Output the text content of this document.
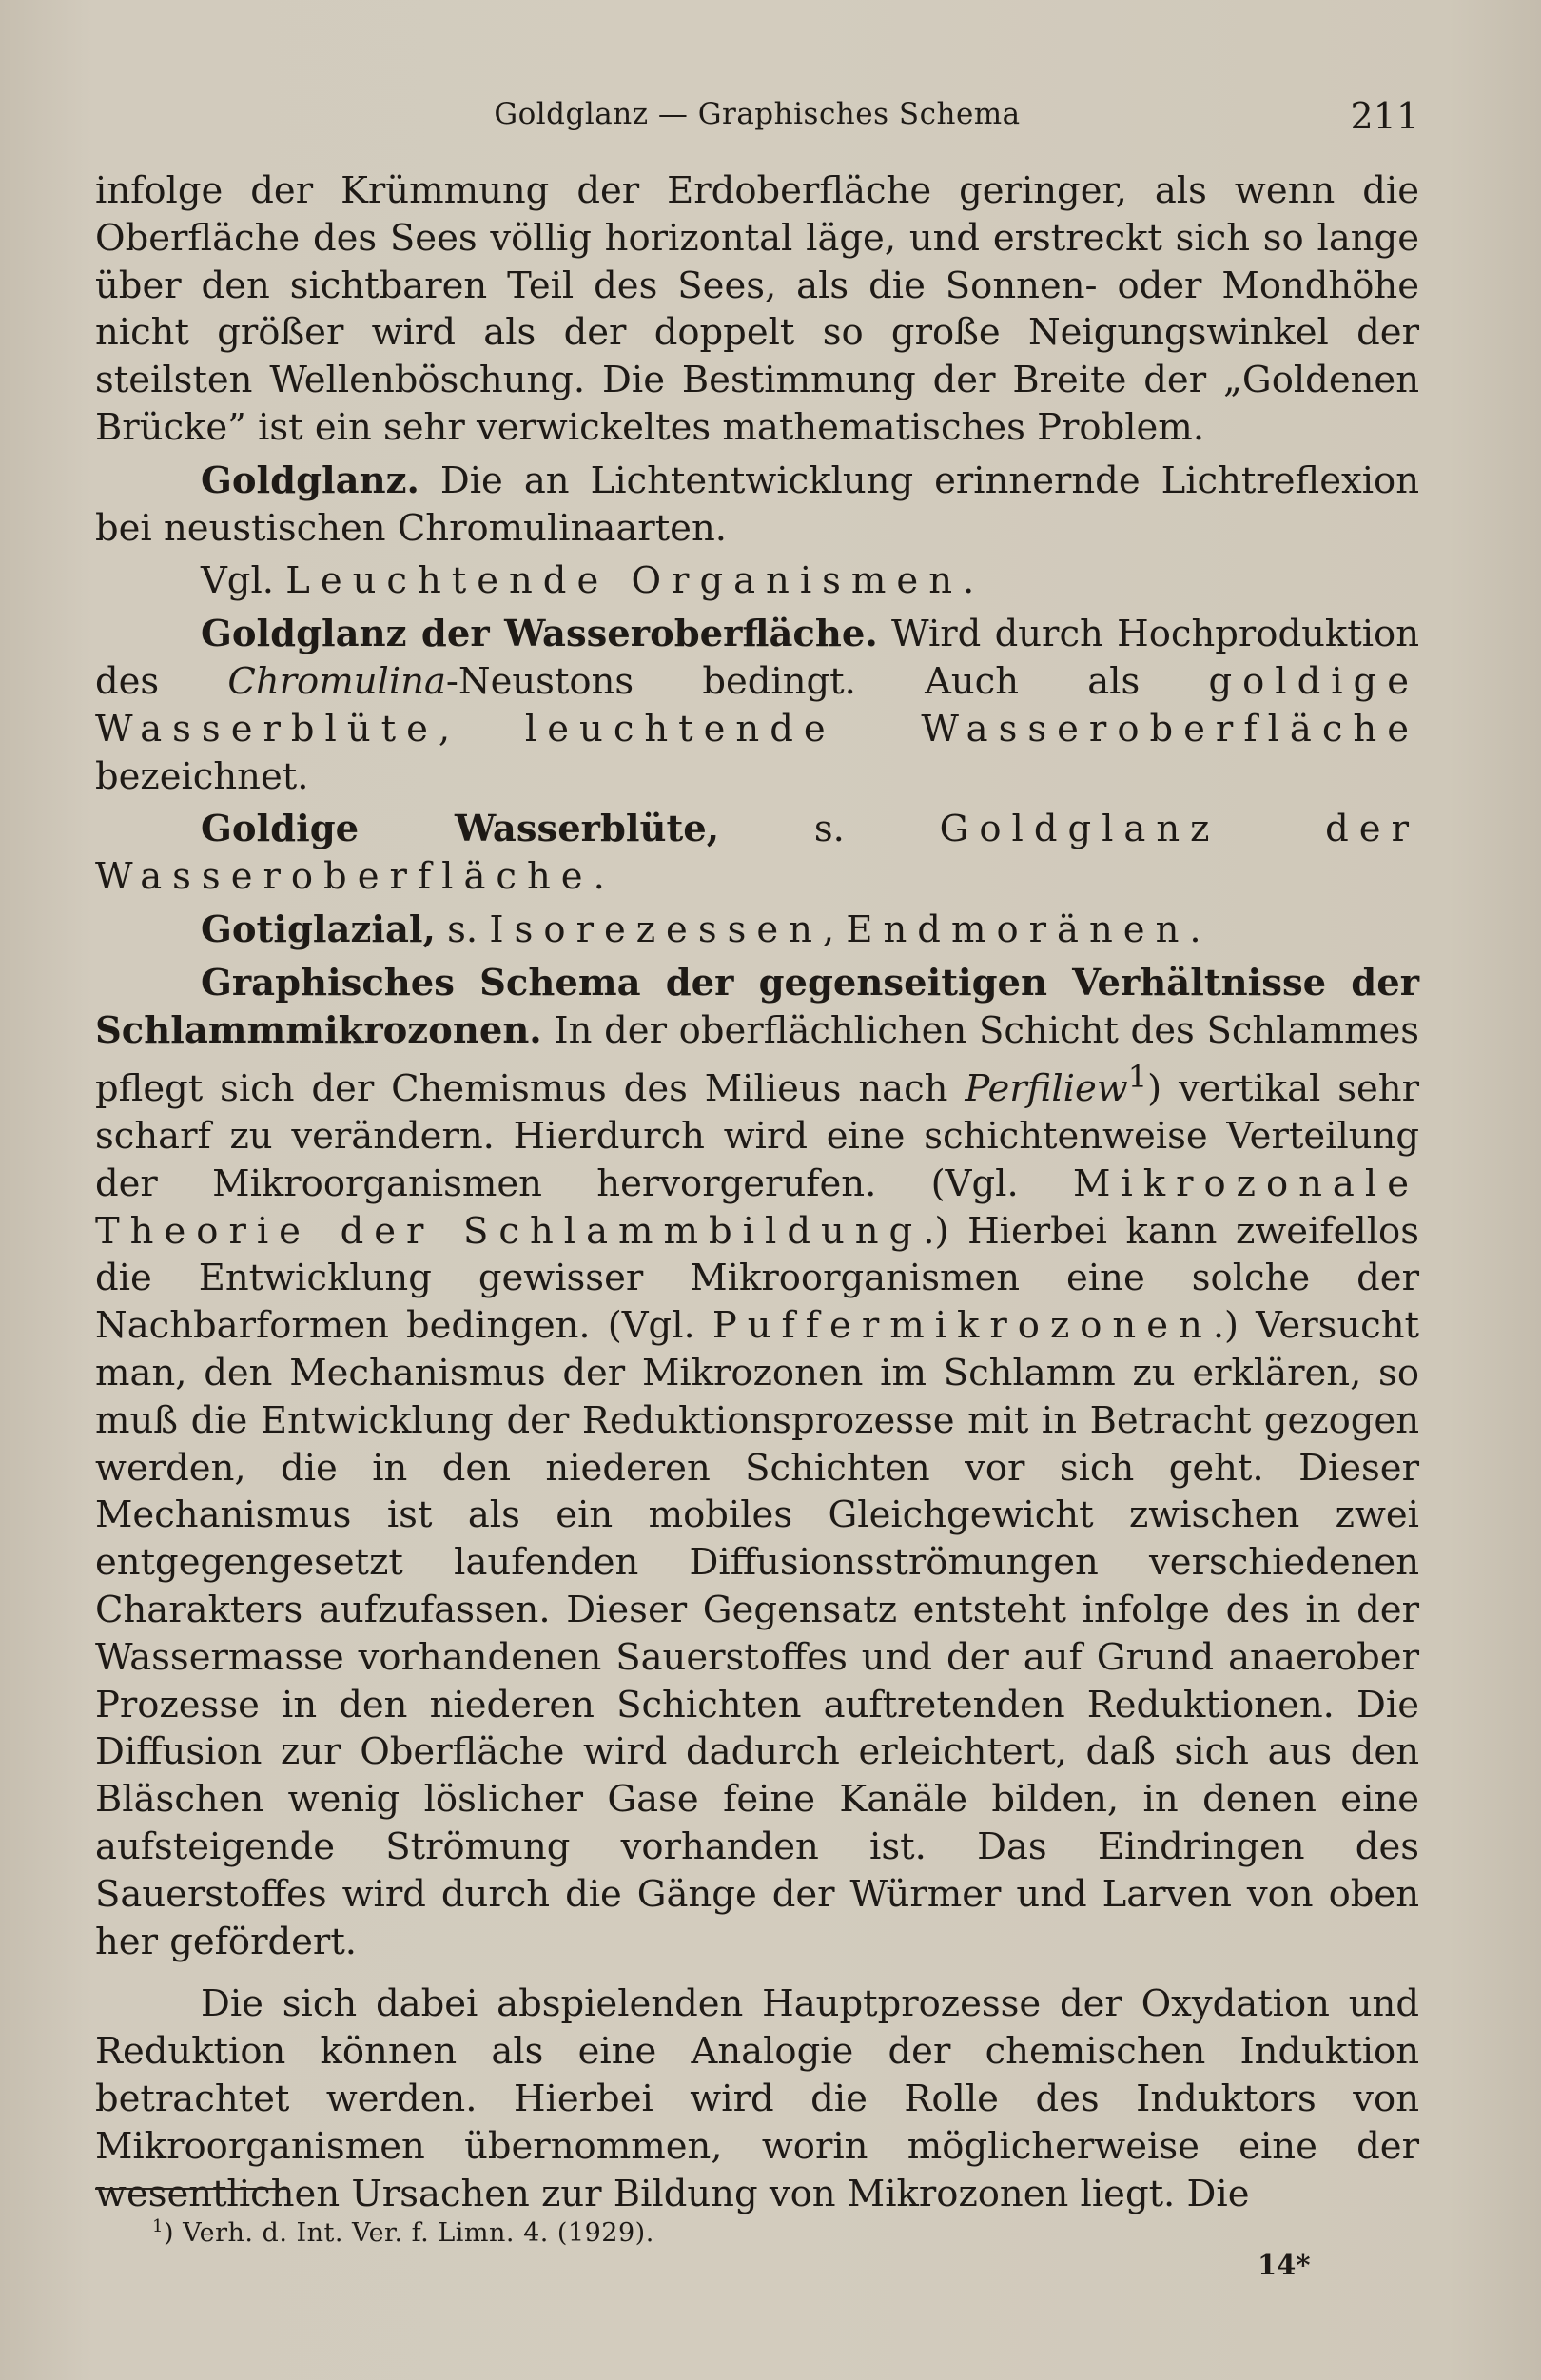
Goldglanz — Graphisches Schema	211

infolge der Krümmung der Erdoberfläche geringer, als wenn die Oberfläche des Sees völlig horizontal läge, und erstreckt sich so lange über den sichtbaren Teil des Sees, als die Sonnen- oder Mondhöhe nicht größer wird als der doppelt so große Neigungswinkel der steilsten Wellenböschung. Die Bestimmung der Breite der „Goldenen Brücke” ist ein sehr verwickeltes mathematisches Problem.

Goldglanz. Die an Lichtentwicklung erinnernde Lichtreflexion bei neustischen Chromulinaarten.

Vgl. Leuchtende Organismen.

Goldglanz der Wasseroberfläche. Wird durch Hochproduktion des Chromulina-Neustons bedingt. Auch als goldige Wasserblüte, leuchtende Wasseroberfläche bezeichnet.

Goldige Wasserblüte, s. Goldglanz der Wasseroberfläche.

Gotiglazial, s. Isorezessen, Endmoränen.

Graphisches Schema der gegenseitigen Verhältnisse der Schlammmikrozonen. In der oberflächlichen Schicht des Schlammes pflegt sich der Chemismus des Milieus nach Perfiliew$^1$) vertikal sehr scharf zu verändern. Hierdurch wird eine schichtenweise Verteilung der Mikroorganismen hervorgerufen. (Vgl. Mikrozonale Theorie der Schlammbildung.) Hierbei kann zweifellos die Entwicklung gewisser Mikroorganismen eine solche der Nachbarformen bedingen. (Vgl. Puffermikrozonen.) Versucht man, den Mechanismus der Mikrozonen im Schlamm zu erklären, so muß die Entwicklung der Reduktionsprozesse mit in Betracht gezogen werden, die in den niederen Schichten vor sich geht. Dieser Mechanismus ist als ein mobiles Gleichgewicht zwischen zwei entgegengesetzt laufenden Diffusionsströmungen verschiedenen Charakters aufzufassen. Dieser Gegensatz entsteht infolge des in der Wassermasse vorhandenen Sauerstoffes und der auf Grund anaerober Prozesse in den niederen Schichten auftretenden Reduktionen. Die Diffusion zur Oberfläche wird dadurch erleichtert, daß sich aus den Bläschen wenig löslicher Gase feine Kanäle bilden, in denen eine aufsteigende Strömung vorhanden ist. Das Eindringen des Sauerstoffes wird durch die Gänge der Würmer und Larven von oben her gefördert.

Die sich dabei abspielenden Hauptprozesse der Oxydation und Reduktion können als eine Analogie der chemischen Induktion betrachtet werden. Hierbei wird die Rolle des Induktors von Mikroorganismen übernommen, worin möglicherweise eine der wesentlichen Ursachen zur Bildung von Mikrozonen liegt. Die

$^1$) Verh. d. Int. Ver. f. Limn. 4. (1929).
14*
